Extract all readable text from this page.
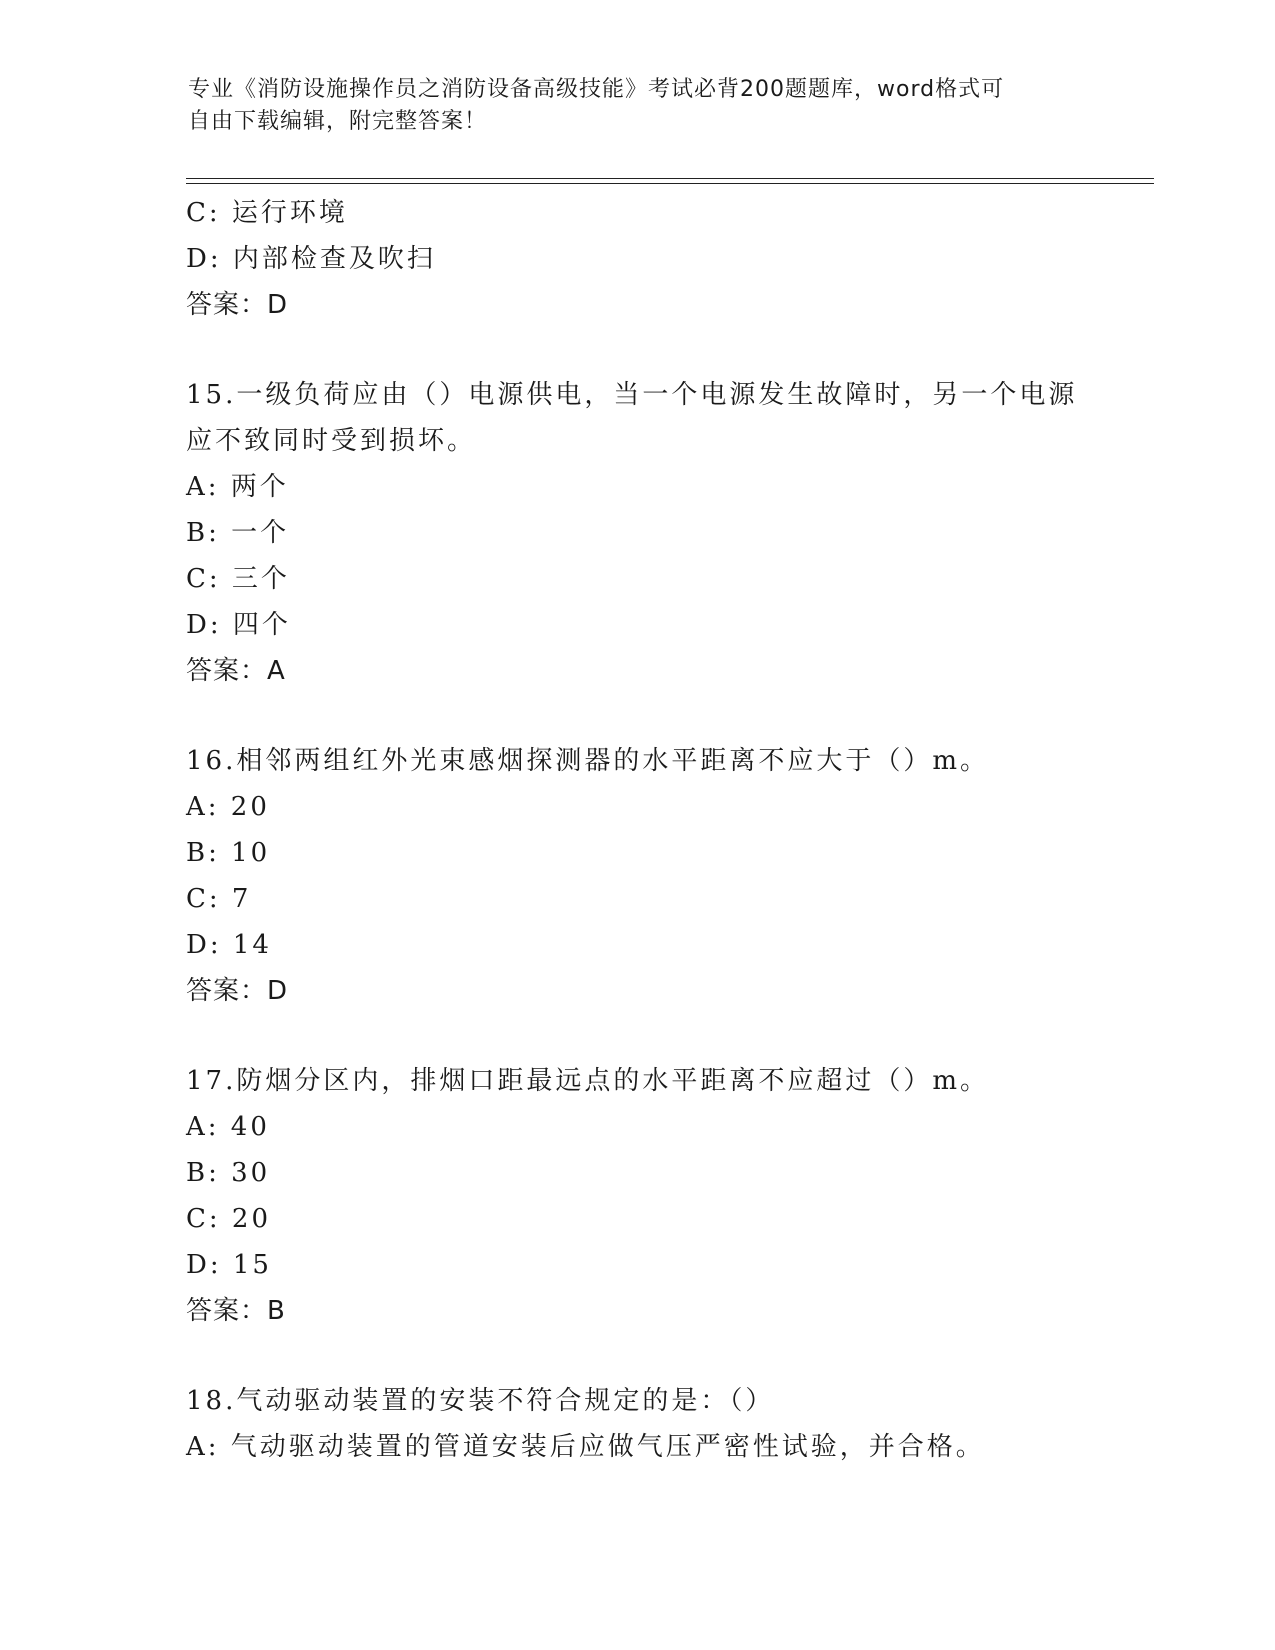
专业《消防设施操作员之消防设备高级技能》考试必背200题题库，word格式可
自由下载编辑，附完整答案！
C: 运行环境
D: 内部检查及吹扫
答案：D
15.一级负荷应由（）电源供电，当一个电源发生故障时，另一个电源
应不致同时受到损坏。
A: 两个
B: 一个
C: 三个
D: 四个
答案：A
16.相邻两组红外光束感烟探测器的水平距离不应大于（）m。
A: 20
B: 10
C: 7
D: 14
答案：D
17.防烟分区内，排烟口距最远点的水平距离不应超过（）m。
A: 40
B: 30
C: 20
D: 15
答案：B
18.气动驱动装置的安装不符合规定的是：（）
A: 气动驱动装置的管道安装后应做气压严密性试验，并合格。
